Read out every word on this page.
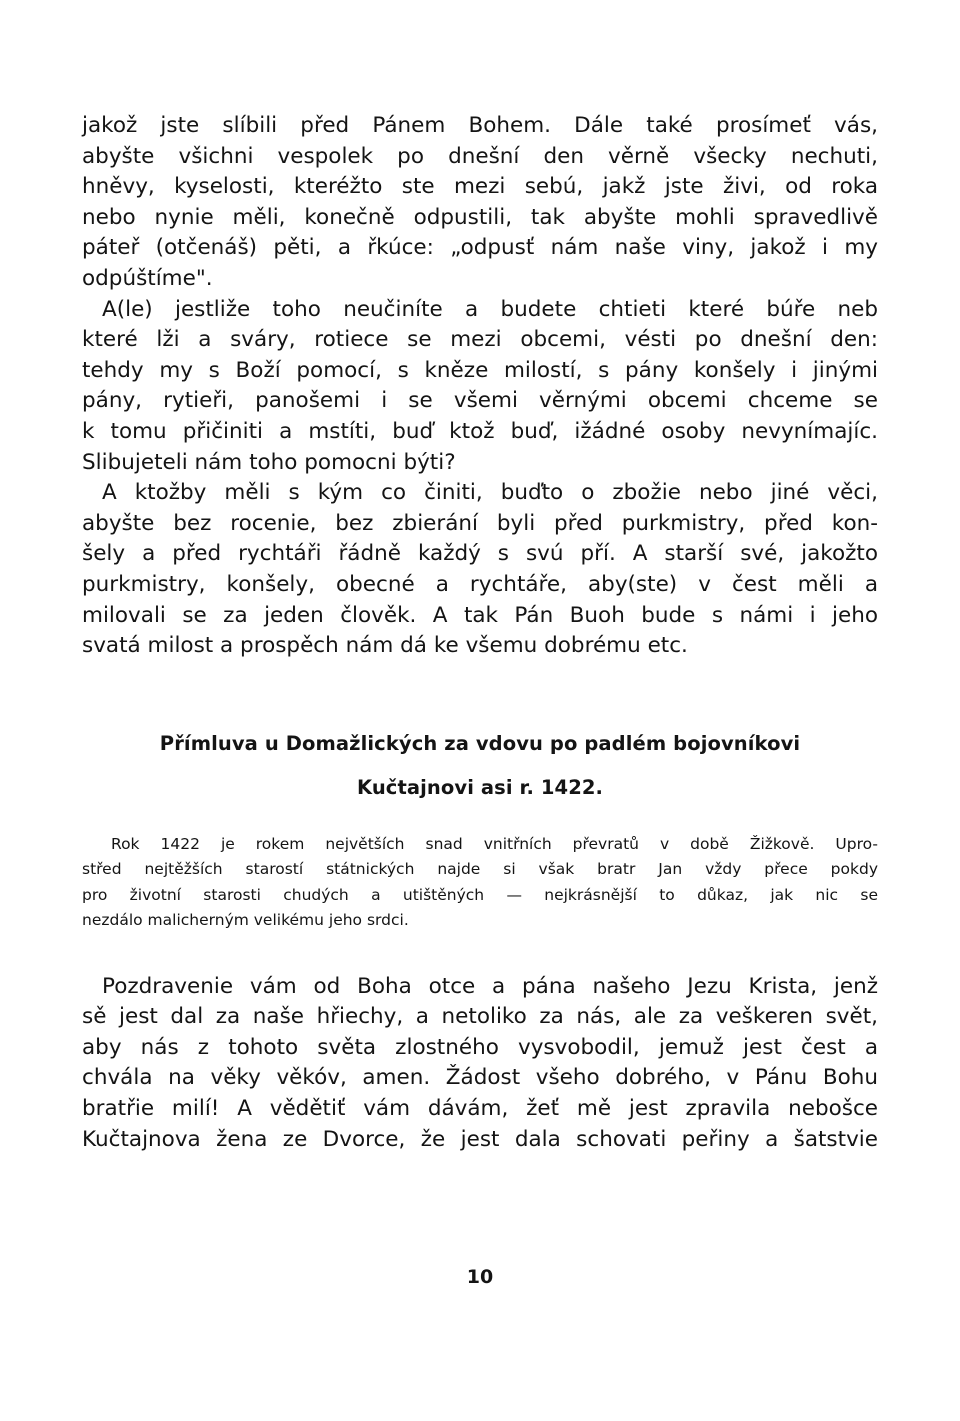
jakož jste slíbili před Pánem Bohem. Dále také prosímeť vás,
abyšte všichni vespolek po dnešní den věrně všecky nechuti,
hněvy, kyselosti, kteréžto ste mezi sebú, jakž jste živi, od roka
nebo nynie měli, konečně odpustili, tak abyšte mohli spravedlivě
páteř (otčenáš) pěti, a řkúce: „odpusť nám naše viny, jakož i my
odpúštíme".
A(le) jestliže toho neučiníte a budete chtieti které búře neb
které lži a sváry, rotiece se mezi obcemi, vésti po dnešní den:
tehdy my s Boží pomocí, s kněze milostí, s pány konšely i jinými
pány, rytieři, panošemi i se všemi věrnými obcemi chceme se
k tomu přičiniti a mstíti, buď ktož buď, ižádné osoby nevynímajíc.
Slibujeteli nám toho pomocni býti?
A ktožby měli s kým co činiti, buďto o zbožie nebo jiné věci,
abyšte bez rocenie, bez zbierání byli před purkmistry, před kon-
šely a před rychtáři řádně každý s svú pří. A starší své, jakožto
purkmistry, konšely, obecné a rychtáře, aby(ste) v čest měli a
milovali se za jeden člověk. A tak Pán Buoh bude s námi i jeho
svatá milost a prospěch nám dá ke všemu dobrému etc.

Přímluva u Domažlických za vdovu po padlém bojovníkovi

Kučtajnovi asi r. 1422.

Rok 1422 je rokem největších snad vnitřních převratů v době Žižkově. Upro-
střed nejtěžších starostí státnických najde si však bratr Jan vždy přece pokdy
pro životní starosti chudých a utištěných — nejkrásnější to důkaz, jak nic se
nezdálo malicherným velikému jeho srdci.
Pozdravenie vám od Boha otce a pána našeho Jezu Krista, jenž
sě jest dal za naše hřiechy, a netoliko za nás, ale za veškeren svět,
aby nás z tohoto světa zlostného vysvobodil, jemuž jest čest a
chvála na věky věkóv, amen. Žádost všeho dobrého, v Pánu Bohu
bratřie milí! A vědětiť vám dávám, žeť mě jest zpravila nebošce
Kučtajnova žena ze Dvorce, že jest dala schovati peřiny a šatstvie
10
